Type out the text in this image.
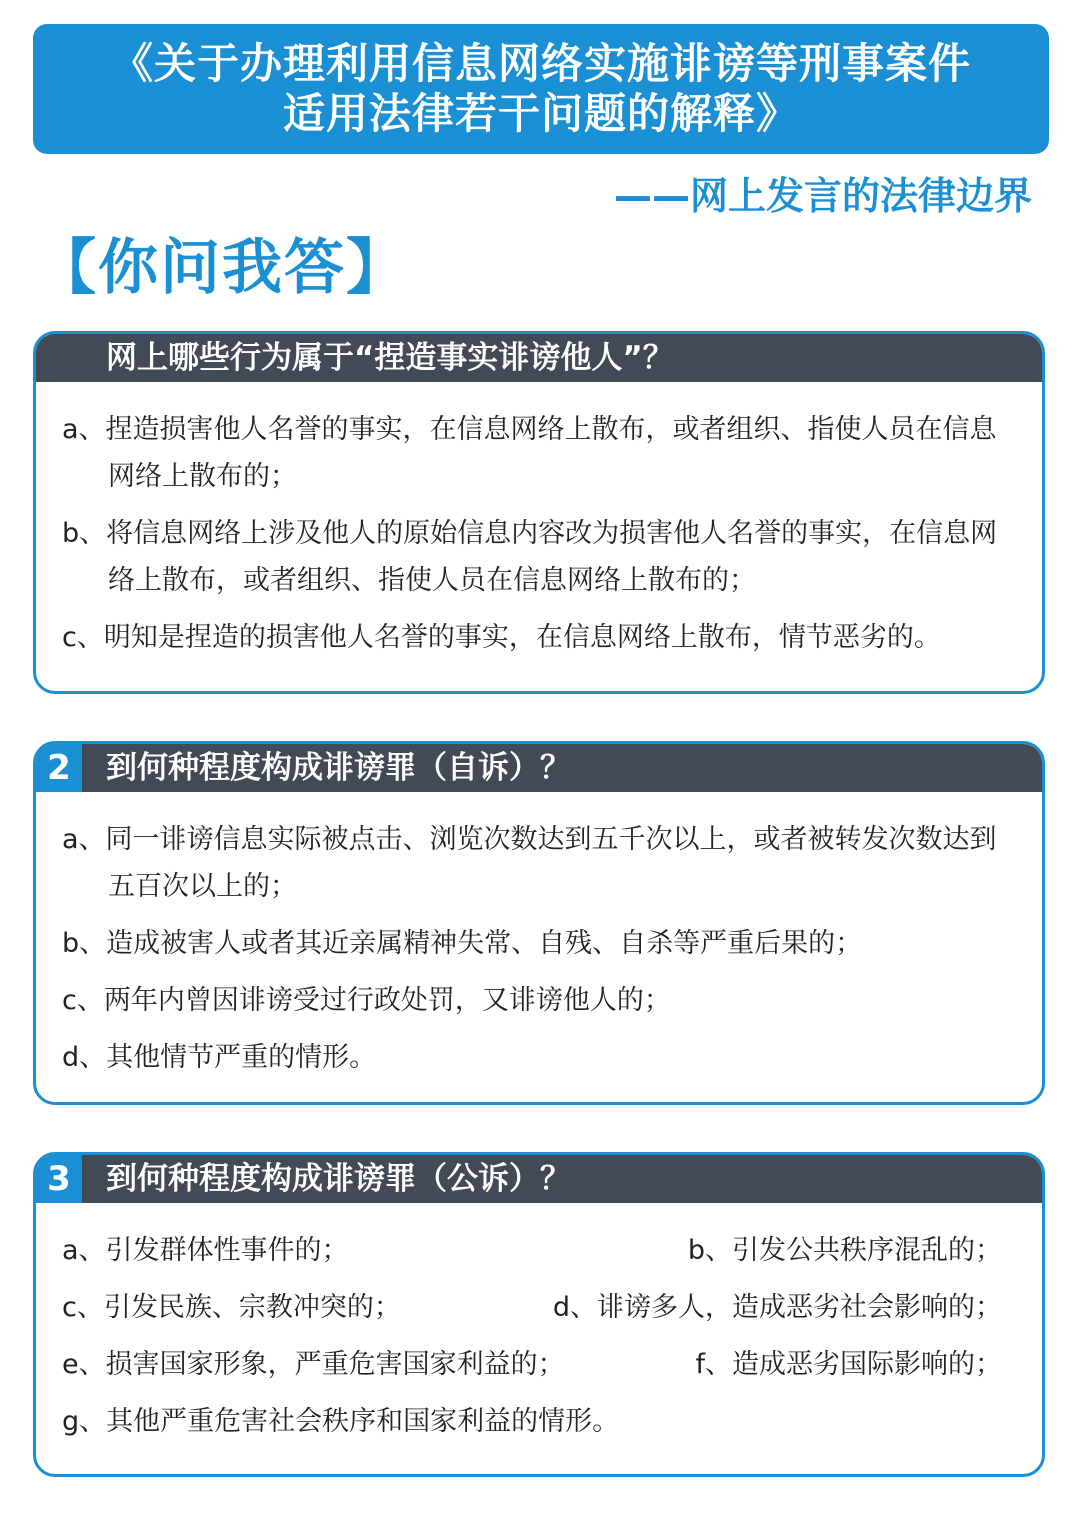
《关于办理利用信息网络实施诽谤等刑事案件
适用法律若干问题的解释》
——网上发言的法律边界
【你问我答】
网上哪些行为属于“捏造事实诽谤他人”？
a、捏造损害他人名誉的事实，在信息网络上散布，或者组织、指使人员在信息网络上散布的；
b、将信息网络上涉及他人的原始信息内容改为损害他人名誉的事实，在信息网络上散布，或者组织、指使人员在信息网络上散布的；
c、明知是捏造的损害他人名誉的事实，在信息网络上散布，情节恶劣的。
2	到何种程度构成诽谤罪（自诉）？
a、同一诽谤信息实际被点击、浏览次数达到五千次以上，或者被转发次数达到五百次以上的；
b、造成被害人或者其近亲属精神失常、自残、自杀等严重后果的；
c、两年内曾因诽谤受过行政处罚，又诽谤他人的；
d、其他情节严重的情形。
3	到何种程度构成诽谤罪（公诉）？
a、引发群体性事件的；	b、引发公共秩序混乱的；
c、引发民族、宗教冲突的；	d、诽谤多人，造成恶劣社会影响的；
e、损害国家形象，严重危害国家利益的；	f、造成恶劣国际影响的；
g、其他严重危害社会秩序和国家利益的情形。
